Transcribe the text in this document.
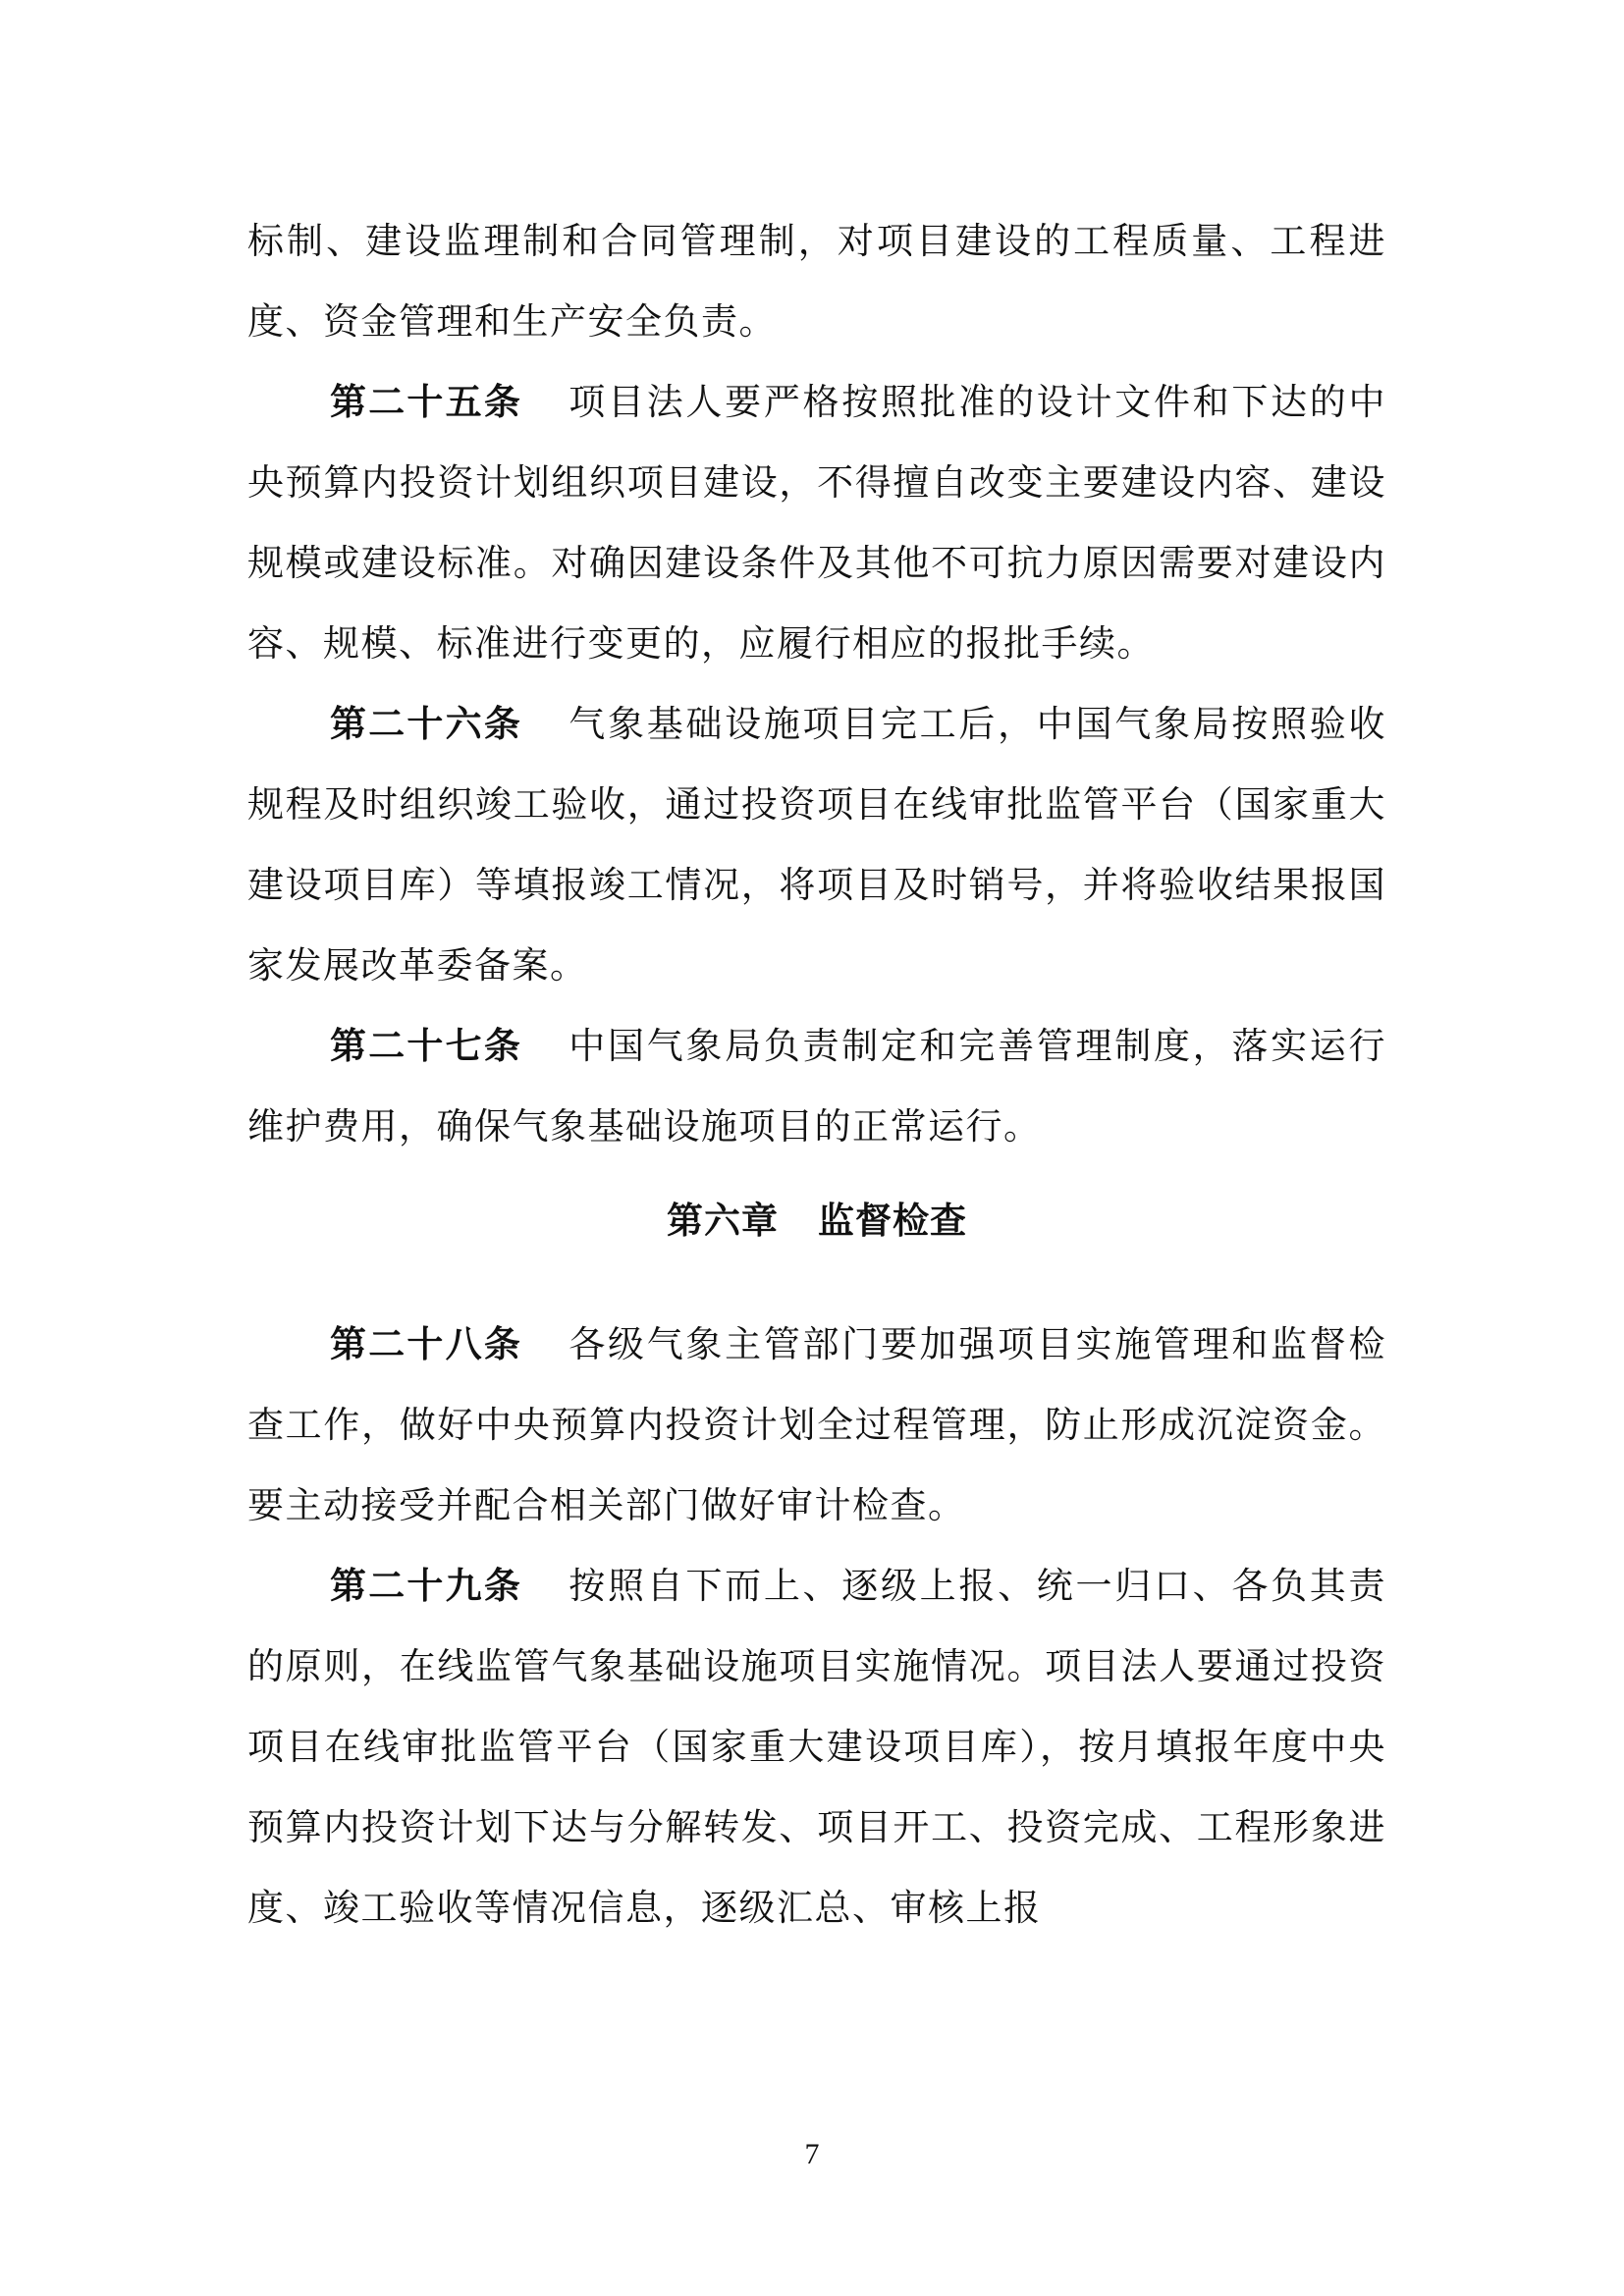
标制、建设监理制和合同管理制，对项目建设的工程质量、工程进度、资金管理和生产安全负责。

第二十五条 项目法人要严格按照批准的设计文件和下达的中央预算内投资计划组织项目建设，不得擅自改变主要建设内容、建设规模或建设标准。对确因建设条件及其他不可抗力原因需要对建设内容、规模、标准进行变更的，应履行相应的报批手续。

第二十六条 气象基础设施项目完工后，中国气象局按照验收规程及时组织竣工验收，通过投资项目在线审批监管平台（国家重大建设项目库）等填报竣工情况，将项目及时销号，并将验收结果报国家发展改革委备案。

第二十七条 中国气象局负责制定和完善管理制度，落实运行维护费用，确保气象基础设施项目的正常运行。

第六章 监督检查

第二十八条 各级气象主管部门要加强项目实施管理和监督检查工作，做好中央预算内投资计划全过程管理，防止形成沉淀资金。要主动接受并配合相关部门做好审计检查。

第二十九条 按照自下而上、逐级上报、统一归口、各负其责的原则，在线监管气象基础设施项目实施情况。项目法人要通过投资项目在线审批监管平台（国家重大建设项目库），按月填报年度中央预算内投资计划下达与分解转发、项目开工、投资完成、工程形象进度、竣工验收等情况信息，逐级汇总、审核上报

7
